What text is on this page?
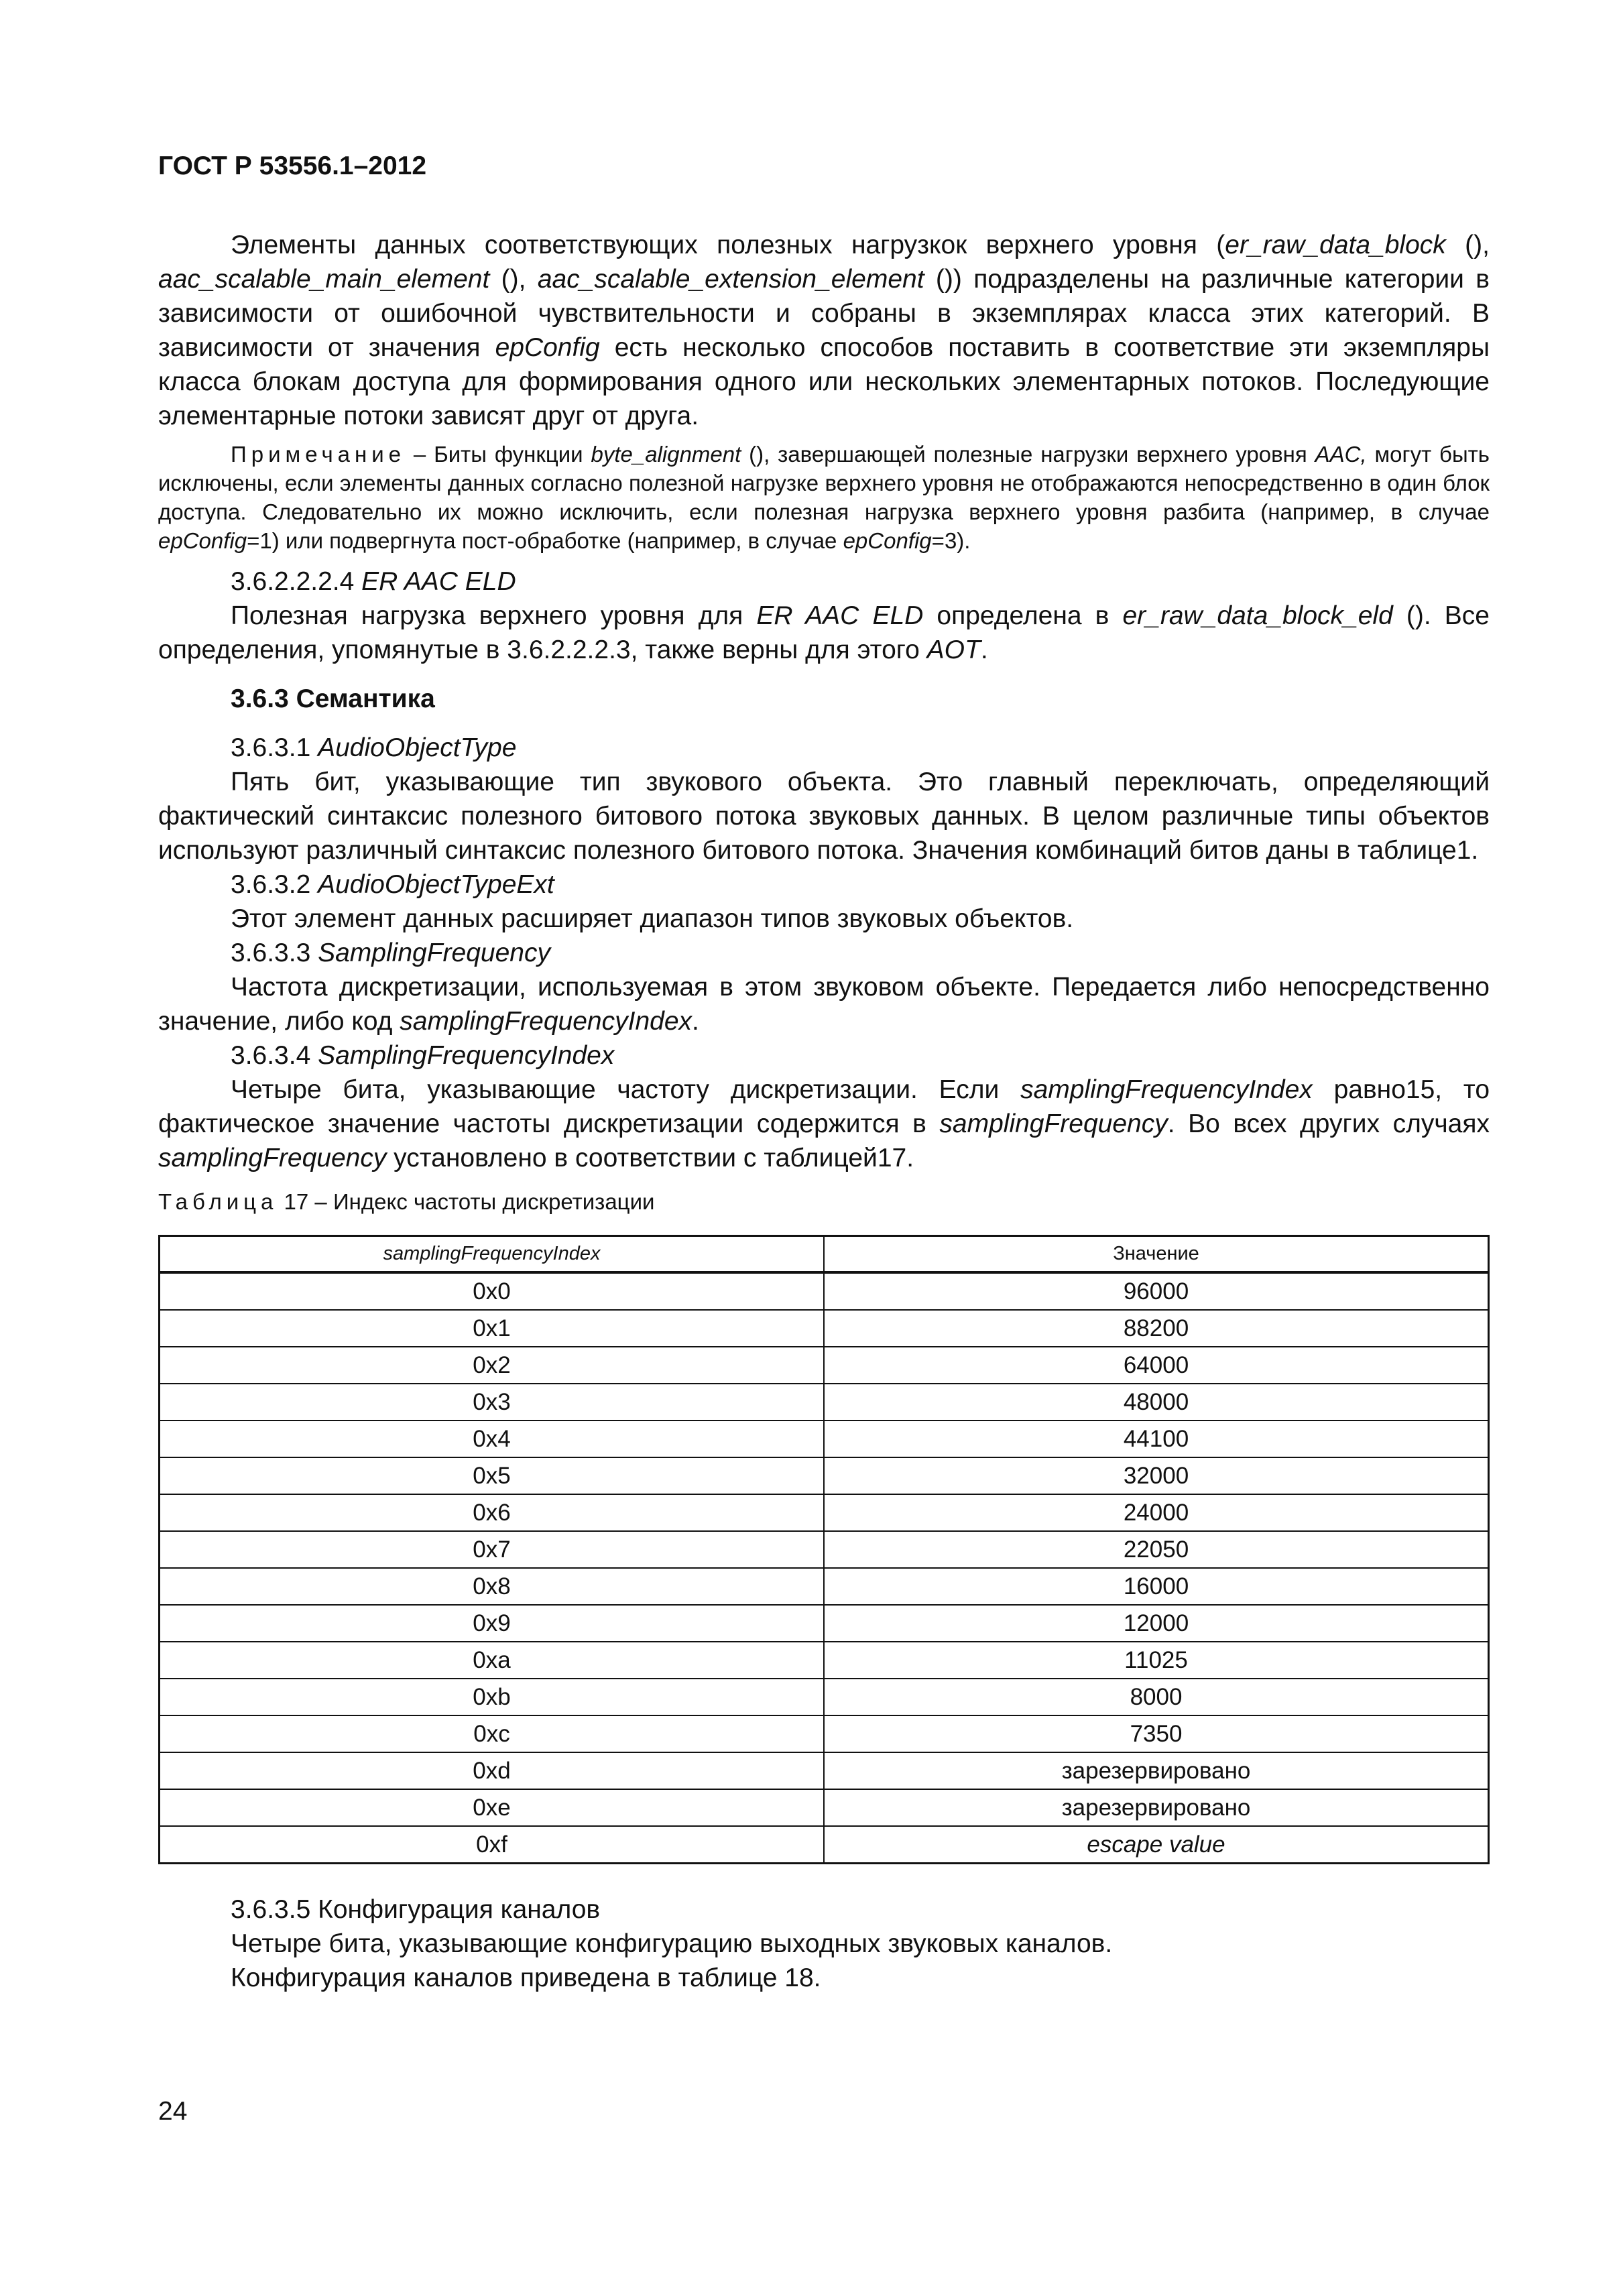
ГОСТ Р 53556.1–2012

Элементы данных соответствующих полезных нагрузкок верхнего уровня (er_raw_data_block (), aac_scalable_main_element (), aac_scalable_extension_element ()) подразделены на различные категории в зависимости от ошибочной чувствительности и собраны в экземплярах класса этих категорий. В зависимости от значения epConfig есть несколько способов поставить в соответствие эти экземпляры класса блокам доступа для формирования одного или нескольких элементарных потоков. Последующие элементарные потоки зависят друг от друга.

Примечание – Биты функции byte_alignment (), завершающей полезные нагрузки верхнего уровня AAC, могут быть исключены, если элементы данных согласно полезной нагрузке верхнего уровня не отображаются непосредственно в один блок доступа. Следовательно их можно исключить, если полезная нагрузка верхнего уровня разбита (например, в случае epConfig=1) или подвергнута пост-обработке (например, в случае epConfig=3).

3.6.2.2.2.4 ER AAC ELD

Полезная нагрузка верхнего уровня для ER AAC ELD определена в er_raw_data_block_eld (). Все определения, упомянутые в 3.6.2.2.2.3, также верны для этого AOT.

3.6.3 Семантика

3.6.3.1 AudioObjectType

Пять бит, указывающие тип звукового объекта. Это главный переключать, определяющий фактический синтаксис полезного битового потока звуковых данных. В целом различные типы объектов используют различный синтаксис полезного битового потока. Значения комбинаций битов даны в таблице1.

3.6.3.2 AudioObjectTypeExt

Этот элемент данных расширяет диапазон типов звуковых объектов.

3.6.3.3 SamplingFrequency

Частота дискретизации, используемая в этом звуковом объекте. Передается либо непосредственно значение, либо код samplingFrequencyIndex.

3.6.3.4 SamplingFrequencyIndex

Четыре бита, указывающие частоту дискретизации. Если samplingFrequencyIndex равно15, то фактическое значение частоты дискретизации содержится в samplingFrequency. Во всех других случаях samplingFrequency установлено в соответствии с таблицей17.

Таблица 17 – Индекс частоты дискретизации

samplingFrequencyIndex	Значение
0x0	96000
0x1	88200
0x2	64000
0x3	48000
0x4	44100
0x5	32000
0x6	24000
0x7	22050
0x8	16000
0x9	12000
0xa	11025
0xb	8000
0xc	7350
0xd	зарезервировано
0xe	зарезервировано
0xf	escape value

3.6.3.5 Конфигурация каналов

Четыре бита, указывающие конфигурацию выходных звуковых каналов.

Конфигурация каналов приведена в таблице 18.

24
